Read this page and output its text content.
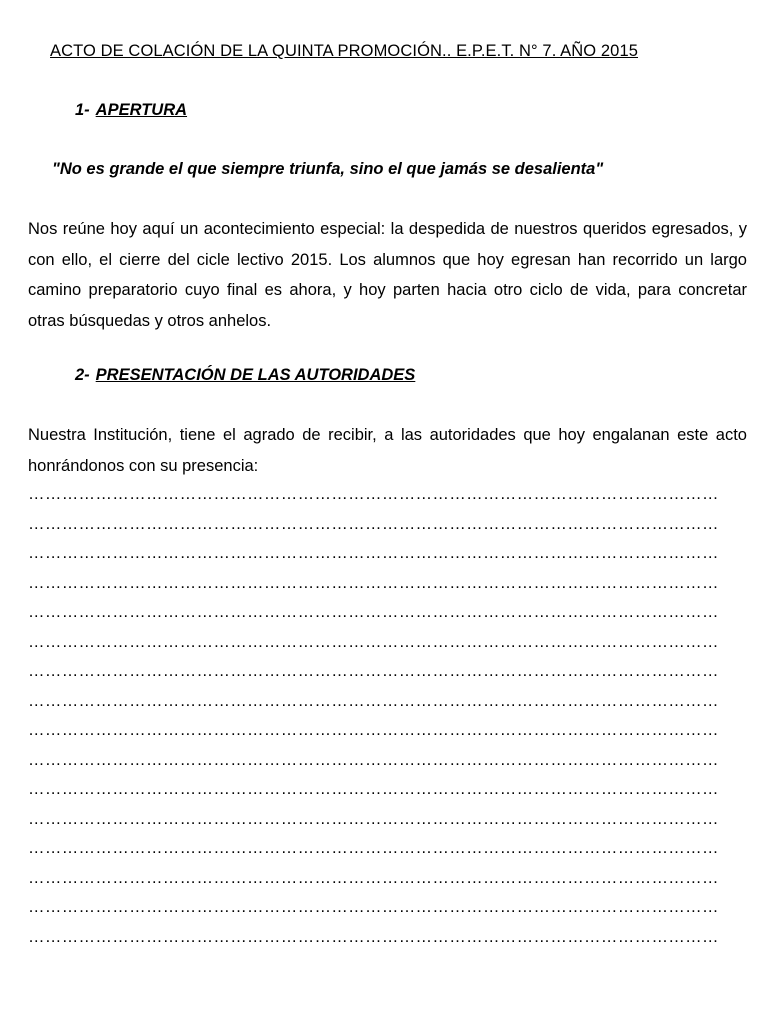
ACTO DE COLACIÓN DE LA QUINTA PROMOCIÓN.. E.P.E.T. N° 7. AÑO 2015
1- APERTURA
"No es grande el que siempre triunfa, sino el que jamás se desalienta"
Nos reúne hoy aquí un acontecimiento especial: la despedida de nuestros queridos egresados, y con ello, el cierre del cicle lectivo 2015. Los alumnos que hoy egresan han recorrido un largo camino preparatorio cuyo final es ahora, y hoy parten hacia otro ciclo de vida, para concretar otras búsquedas y otros anhelos.
2- PRESENTACIÓN DE LAS AUTORIDADES
Nuestra Institución, tiene el agrado de recibir, a las autoridades que hoy engalanan este acto honrándonos con su presencia:
……………………………………………………………………………………………………………
……………………………………………………………………………………………………………
……………………………………………………………………………………………………………
……………………………………………………………………………………………………………
……………………………………………………………………………………………………………
……………………………………………………………………………………………………………
……………………………………………………………………………………………………………
……………………………………………………………………………………………………………
……………………………………………………………………………………………………………
……………………………………………………………………………………………………………
……………………………………………………………………………………………………………
……………………………………………………………………………………………………………
……………………………………………………………………………………………………………
……………………………………………………………………………………………………………
……………………………………………………………………………………………………………
……………………………………………………………………………………………………………
